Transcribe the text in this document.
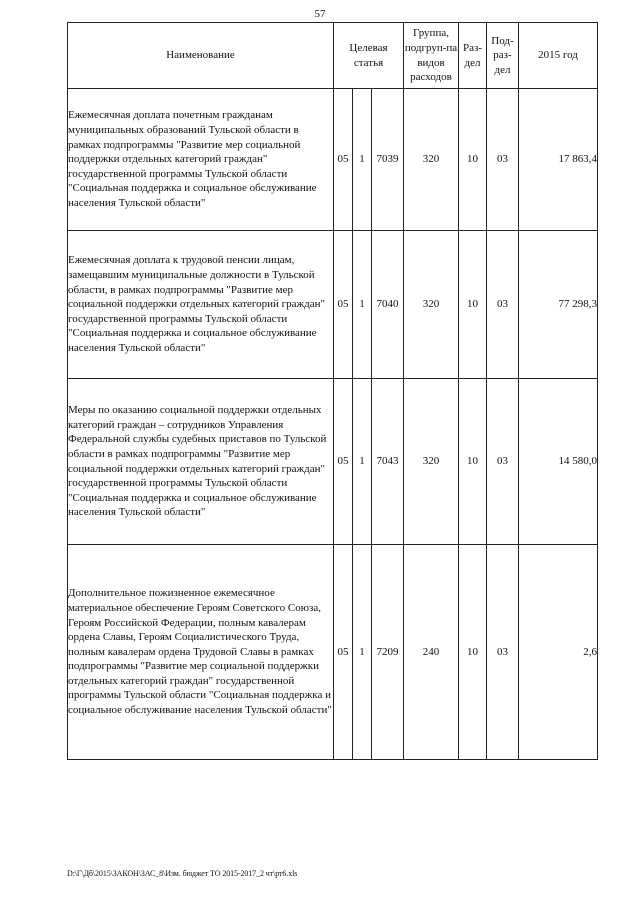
57
Наименование	Целевая статья			Группа, подгруп-па видов расходов	Раз-дел	Под-раз-дел	2015 год
Ежемесячная доплата почетным гражданам муниципальных образований Тульской области в рамках подпрограммы "Развитие мер социальной поддержки отдельных категорий граждан" государственной программы Тульской области "Социальная поддержка и социальное обслуживание населения Тульской области"	05	1	7039	320	10	03	17 863,4
Ежемесячная доплата к трудовой пенсии лицам, замещавшим муниципальные должности в Тульской области, в рамках подпрограммы "Развитие мер социальной поддержки отдельных категорий граждан" государственной программы Тульской области "Социальная поддержка и социальное обслуживание населения Тульской области"	05	1	7040	320	10	03	77 298,3
Меры по оказанию социальной поддержки отдельных категорий граждан – сотрудников Управления Федеральной службы судебных приставов по Тульской области в рамках подпрограммы "Развитие мер социальной поддержки отдельных категорий граждан" государственной программы Тульской области "Социальная поддержка и социальное обслуживание населения Тульской области"	05	1	7043	320	10	03	14 580,0
Дополнительное пожизненное ежемесячное материальное обеспечение Героям Советского Союза, Героям Российской Федерации, полным кавалерам ордена Славы, Героям Социалистического Труда, полным кавалерам ордена Трудовой Славы в рамках подпрограммы "Развитие мер социальной поддержки отдельных категорий граждан" государственной программы Тульской области "Социальная поддержка и социальное обслуживание населения Тульской области"	05	1	7209	240	10	03	2,6
D:\Г\Дб\2015\ЗАКОН\ЗАС_8\Изм. бюджет ТО 2015-2017_2 чт\рт6.xls
